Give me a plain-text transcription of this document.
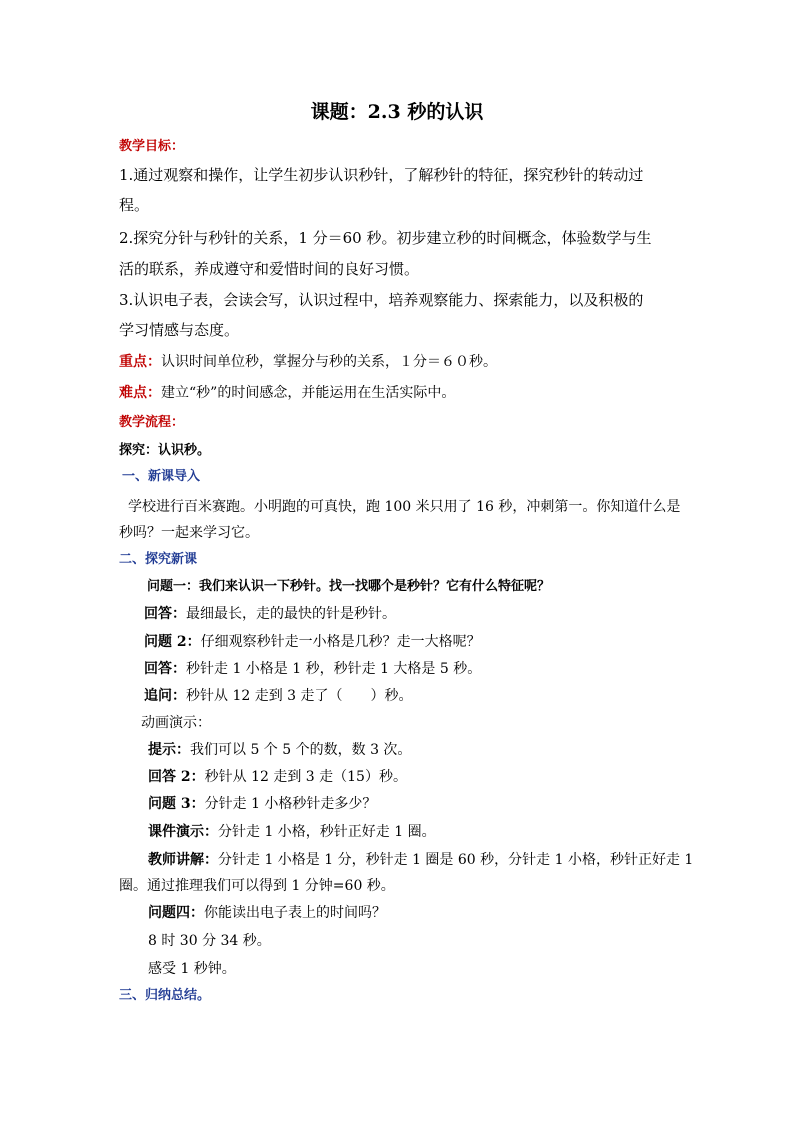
课题：2.3 秒的认识
教学目标：
1.通过观察和操作，让学生初步认识秒针，了解秒针的特征，探究秒针的转动过
程。
2.探究分针与秒针的关系，1 分＝60 秒。初步建立秒的时间概念，体验数学与生
活的联系，养成遵守和爱惜时间的良好习惯。
3.认识电子表，会读会写，认识过程中，培养观察能力、探索能力，以及积极的
学习情感与态度。
重点：认识时间单位秒，掌握分与秒的关系，１分＝６０秒。
难点：建立“秒”的时间感念，并能运用在生活实际中。
教学流程：
探究：认识秒。
一、新课导入
学校进行百米赛跑。小明跑的可真快，跑 100 米只用了 16 秒，冲刺第一。你知道什么是
秒吗？一起来学习它。
二、探究新课
问题一：我们来认识一下秒针。找一找哪个是秒针？它有什么特征呢？
回答：最细最长，走的最快的针是秒针。
问题 2：仔细观察秒针走一小格是几秒？走一大格呢？
回答：秒针走 1 小格是 1 秒，秒针走 1 大格是 5 秒。
追问：秒针从 12 走到 3 走了（　　）秒。
动画演示：
提示：我们可以 5 个 5 个的数，数 3 次。
回答 2：秒针从 12 走到 3 走（15）秒。
问题 3：分针走 1 小格秒针走多少？
课件演示：分针走 1 小格，秒针正好走 1 圈。
教师讲解：分针走 1 小格是 1 分，秒针走 1 圈是 60 秒，分针走 1 小格，秒针正好走 1
圈。通过推理我们可以得到 1 分钟=60 秒。
问题四：你能读出电子表上的时间吗？
8 时 30 分 34 秒。
感受 1 秒钟。
三、归纳总结。
